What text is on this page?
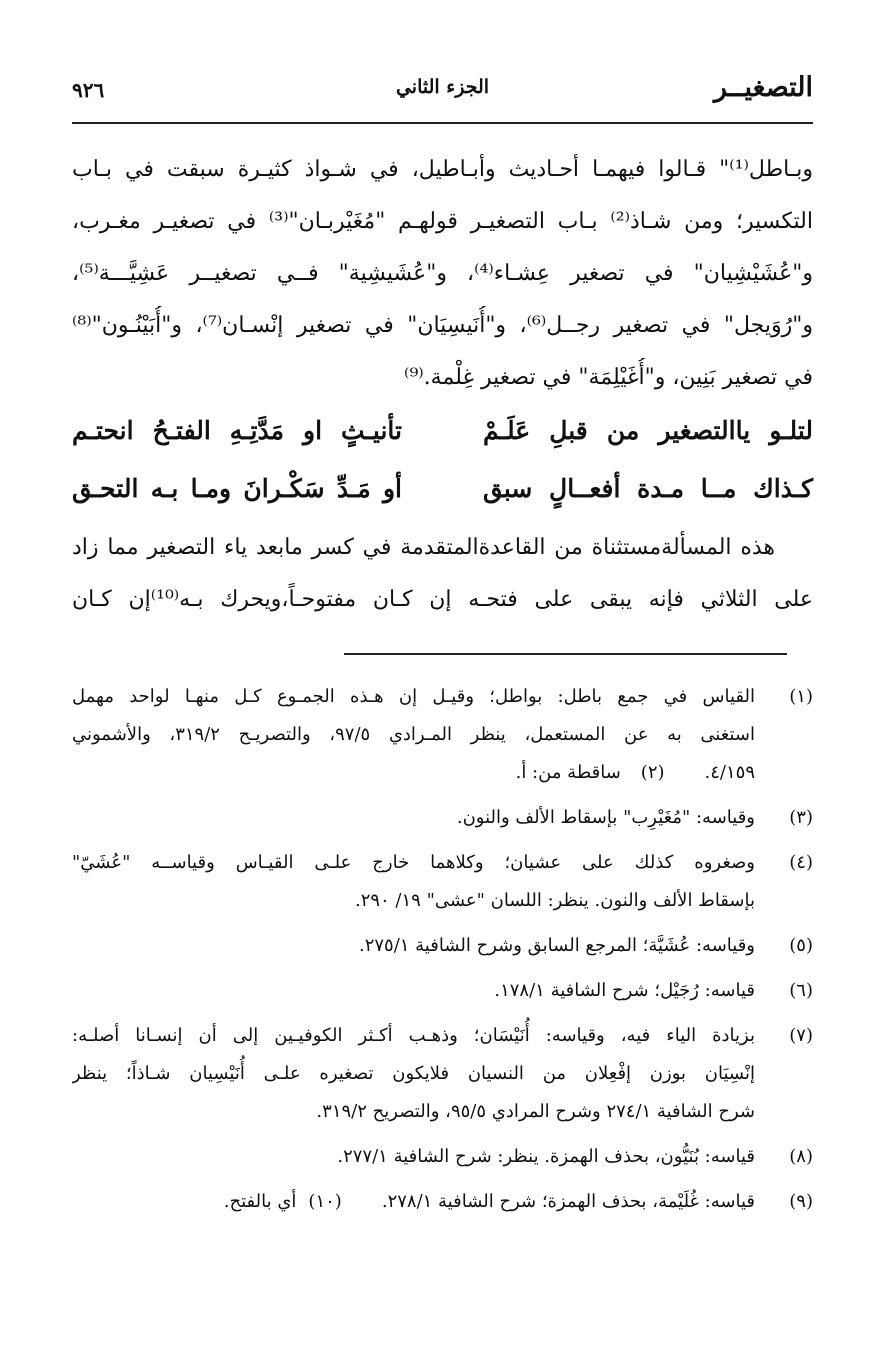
التصغيــر
الجزء الثاني
٩٢٦
وبـاطل⁽¹⁾" قـالوا فيهمـا أحـاديث وأبـاطيل، في شـواذ كثيـرة سبقت في بـاب
التكسير؛ ومن شـاذ⁽²⁾ بـاب التصغيـر قولهـم "مُغَيْربـان"⁽³⁾ في تصغيـر مغـرب،
و"عُشَيْشِيان" في تصغير عِشـاء⁽⁴⁾، و"عُشَيشِية" فــي تصغيــر عَشِيَّـــة⁽⁵⁾،
و"رُوَيجل" في تصغير رجــل⁽⁶⁾، و"أُنَيسِيَان" في تصغير إنْسـان⁽⁷⁾، و"أُبَيْنُـون"⁽⁸⁾
في تصغير بَنِين، و"أُغَيْلِمَة" في تصغير غِلْمة.⁽⁹⁾
لتلـو ياالتصغير من قبلِ عَلَـمْ
تأنيـثٍ او مَدَّتِـهِ الفتـحُ انحتـم
كـذاك مــا مـدة أفعــالٍ سبق
أو مَـدِّ سَكْـرانَ ومـا بـه التحـق
هذه المسألةمستثناة من القاعدةالمتقدمة في كسر مابعد ياء التصغير مما زاد
على الثلاثي فإنه يبقى على فتحـه إن كـان مفتوحـاً،ويحرك بـه⁽¹⁰⁾إن كـان
(١)
القياس في جمع باطل: بواطل؛ وقيـل إن هـذه الجمـوع كـل منهـا لواحد مهمل
استغنى به عن المستعمل، ينظر المـرادي ٩٧/٥، والتصريـح ٣١٩/٢، والأشموني
٤/١٥٩.(٢)ساقطة من: أ.
(٣)
وقياسه: "مُغَيْرِب" بإسقاط الألف والنون.
(٤)
وصغروه كذلك على عشيان؛ وكلاهما خارج علـى القيـاس وقياســه "عُشَيّ"
بإسقاط الألف والنون. ينظر: اللسان "عشى" ١٩/ ٢٩٠.
(٥)
وقياسه: عُشَيَّة؛ المرجع السابق وشرح الشافية ٢٧٥/١.
(٦)
قياسه: رُجَيْل؛ شرح الشافية ١٧٨/١.
(٧)
بزيادة الياء فيه، وقياسه: أُنَيْسَان؛ وذهـب أكـثر الكوفيـين إلى أن إنسـانا أصلـه:
إنْسِيَان بوزن إفْعِلان من النسيان فلايكون تصغيره علـى أُنَيْسِيان شـاذاً؛ ينظر
شرح الشافية ٢٧٤/١ وشرح المرادي ٩٥/٥، والتصريح ٣١٩/٢.
(٨)
قياسه: بُنَيُّون، بحذف الهمزة. ينظر: شرح الشافية ٢٧٧/١.
(٩)
قياسه: غُلَيْمة، بحذف الهمزة؛ شرح الشافية ٢٧٨/١.(١٠)أي بالفتح.
